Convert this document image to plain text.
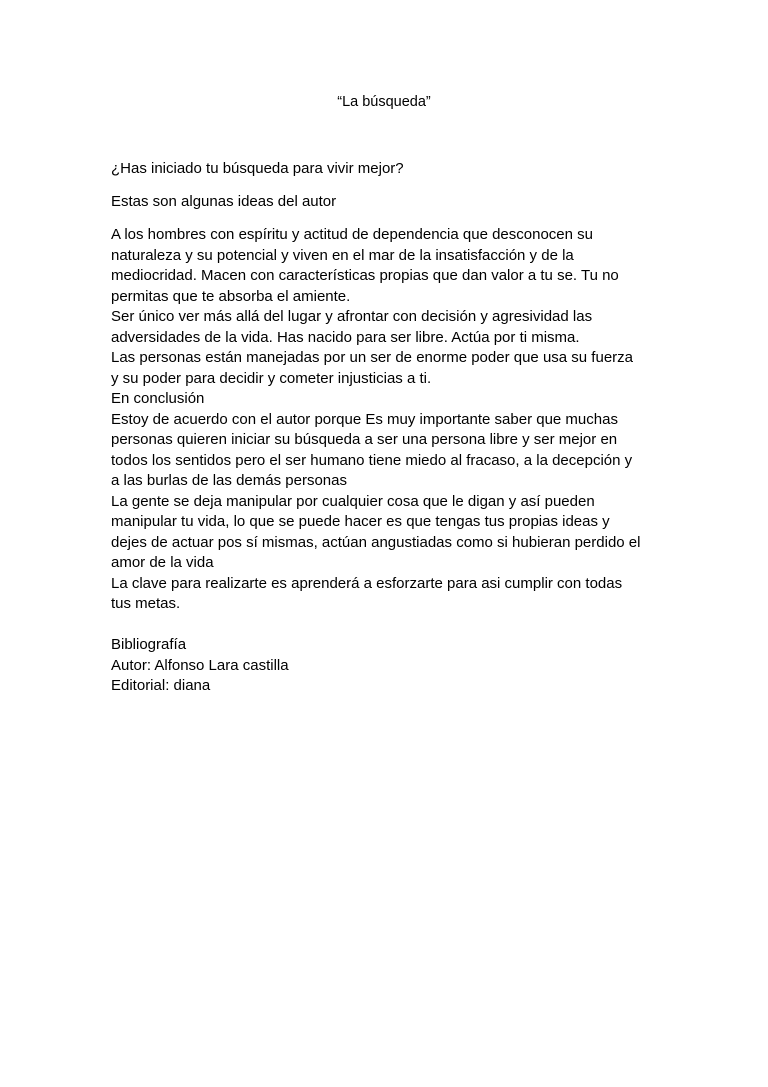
“La búsqueda”
¿Has iniciado tu búsqueda para vivir mejor?
Estas son algunas ideas del autor
A los hombres con espíritu y actitud de dependencia que desconocen su
naturaleza y su potencial y viven en el mar de la insatisfacción y de la
mediocridad. Macen con características propias que dan valor a tu se. Tu no
permitas que te absorba el amiente.
Ser único ver más allá del lugar y afrontar con decisión y agresividad las
adversidades de la vida. Has nacido para ser libre. Actúa por ti misma.
Las personas están manejadas por un ser de enorme poder que usa su fuerza
y su poder para decidir y cometer injusticias a ti.
En conclusión
Estoy de acuerdo con el autor porque Es muy importante saber que muchas
personas quieren iniciar su búsqueda a ser una persona libre y ser mejor en
todos los sentidos pero el ser humano tiene miedo al fracaso, a la decepción y
a las burlas de las demás personas
La gente se deja manipular por cualquier cosa que le digan y así pueden
manipular tu vida, lo que se puede hacer es que tengas tus propias ideas y
dejes de actuar pos sí mismas, actúan angustiadas como si hubieran perdido el
amor de la vida
La clave para realizarte es aprenderá a esforzarte para asi cumplir con todas
tus metas.
Bibliografía
Autor: Alfonso Lara castilla
Editorial: diana
